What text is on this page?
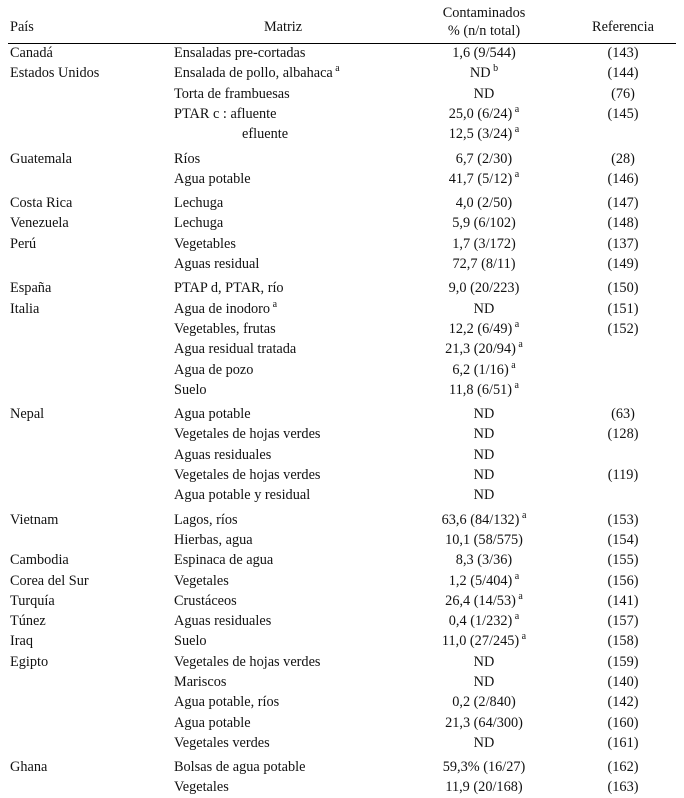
País	Matriz	Contaminados
% (n/n total)	Referencia

Canadá	Ensaladas pre-cortadas	1,6 (9/544)	(143)
Estados Unidos	Ensalada de pollo, albahaca $^a$	ND $^b$	(144)
	Torta de frambuesas	ND	(76)
	PTAR c : afluente	25,0 (6/24) $^a$	(145)
	efluente	12,5 (3/24) $^a$	

Guatemala	Ríos	6,7 (2/30)	(28)
	Agua potable	41,7 (5/12) $^a$	(146)

Costa Rica	Lechuga	4,0 (2/50)	(147)
Venezuela	Lechuga	5,9 (6/102)	(148)
Perú	Vegetables	1,7 (3/172)	(137)
	Aguas residual	72,7 (8/11)	(149)

España	PTAP d, PTAR, río	9,0 (20/223)	(150)
Italia	Agua de inodoro $^a$	ND	(151)
	Vegetables, frutas	12,2 (6/49) $^a$	(152)
	Agua residual tratada	21,3 (20/94) $^a$	
	Agua de pozo	6,2 (1/16) $^a$	
	Suelo	11,8 (6/51) $^a$	

Nepal	Agua potable	ND	(63)
	Vegetales de hojas verdes	ND	(128)
	Aguas residuales	ND	
	Vegetales de hojas verdes	ND	(119)
	Agua potable y residual	ND	

Vietnam	Lagos, ríos	63,6 (84/132) $^a$	(153)
	Hierbas, agua	10,1 (58/575)	(154)
Cambodia	Espinaca de agua	8,3 (3/36)	(155)
Corea del Sur	Vegetales	1,2 (5/404) $^a$	(156)
Turquía	Crustáceos	26,4 (14/53) $^a$	(141)
Túnez	Aguas residuales	0,4 (1/232) $^a$	(157)
Iraq	Suelo	11,0 (27/245) $^a$	(158)
Egipto	Vegetales de hojas verdes	ND	(159)
	Mariscos	ND	(140)
	Agua potable, ríos	0,2 (2/840)	(142)
	Agua potable	21,3 (64/300)	(160)
	Vegetales verdes	ND	(161)

Ghana	Bolsas de agua potable	59,3% (16/27)	(162)
	Vegetales	11,9 (20/168)	(163)
